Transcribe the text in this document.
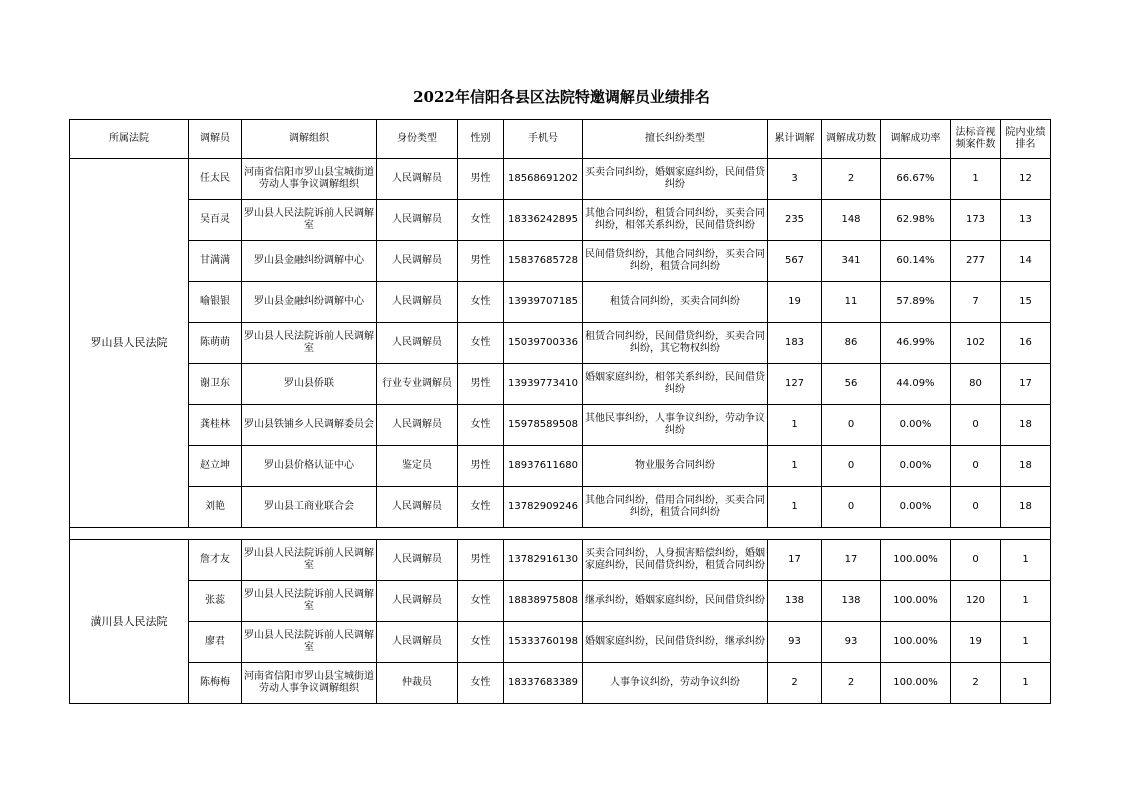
2022年信阳各县区法院特邀调解员业绩排名
所属法院	调解员	调解组织	身份类型	性别	手机号	擅长纠纷类型	累计调解	调解成功数	调解成功率	法标音视频案件数	院内业绩排名
罗山县人民法院	任太民	河南省信阳市罗山县宝城街道劳动人事争议调解组织	人民调解员	男性	18568691202	买卖合同纠纷，婚姻家庭纠纷，民间借贷纠纷	3	2	66.67%	1	12
	吴百灵	罗山县人民法院诉前人民调解室	人民调解员	女性	18336242895	其他合同纠纷，租赁合同纠纷，买卖合同纠纷，相邻关系纠纷，民间借贷纠纷	235	148	62.98%	173	13
	甘满满	罗山县金融纠纷调解中心	人民调解员	男性	15837685728	民间借贷纠纷，其他合同纠纷，买卖合同纠纷，租赁合同纠纷	567	341	60.14%	277	14
	喻银银	罗山县金融纠纷调解中心	人民调解员	女性	13939707185	租赁合同纠纷，买卖合同纠纷	19	11	57.89%	7	15
	陈萌萌	罗山县人民法院诉前人民调解室	人民调解员	女性	15039700336	租赁合同纠纷，民间借贷纠纷，买卖合同纠纷，其它物权纠纷	183	86	46.99%	102	16
	谢卫东	罗山县侨联	行业专业调解员	男性	13939773410	婚姻家庭纠纷，相邻关系纠纷，民间借贷纠纷	127	56	44.09%	80	17
	龚桂林	罗山县铁铺乡人民调解委员会	人民调解员	女性	15978589508	其他民事纠纷，人事争议纠纷，劳动争议纠纷	1	0	0.00%	0	18
	赵立坤	罗山县价格认证中心	鉴定员	男性	18937611680	物业服务合同纠纷	1	0	0.00%	0	18
	刘艳	罗山县工商业联合会	人民调解员	女性	13782909246	其他合同纠纷，借用合同纠纷，买卖合同纠纷，租赁合同纠纷	1	0	0.00%	0	18

潢川县人民法院	詹才友	罗山县人民法院诉前人民调解室	人民调解员	男性	13782916130	买卖合同纠纷，人身损害赔偿纠纷，婚姻家庭纠纷，民间借贷纠纷，租赁合同纠纷	17	17	100.00%	0	1
	张蕊	罗山县人民法院诉前人民调解室	人民调解员	女性	18838975808	继承纠纷，婚姻家庭纠纷，民间借贷纠纷	138	138	100.00%	120	1
	廖君	罗山县人民法院诉前人民调解室	人民调解员	女性	15333760198	婚姻家庭纠纷，民间借贷纠纷，继承纠纷	93	93	100.00%	19	1
	陈梅梅	河南省信阳市罗山县宝城街道劳动人事争议调解组织	仲裁员	女性	18337683389	人事争议纠纷，劳动争议纠纷	2	2	100.00%	2	1
